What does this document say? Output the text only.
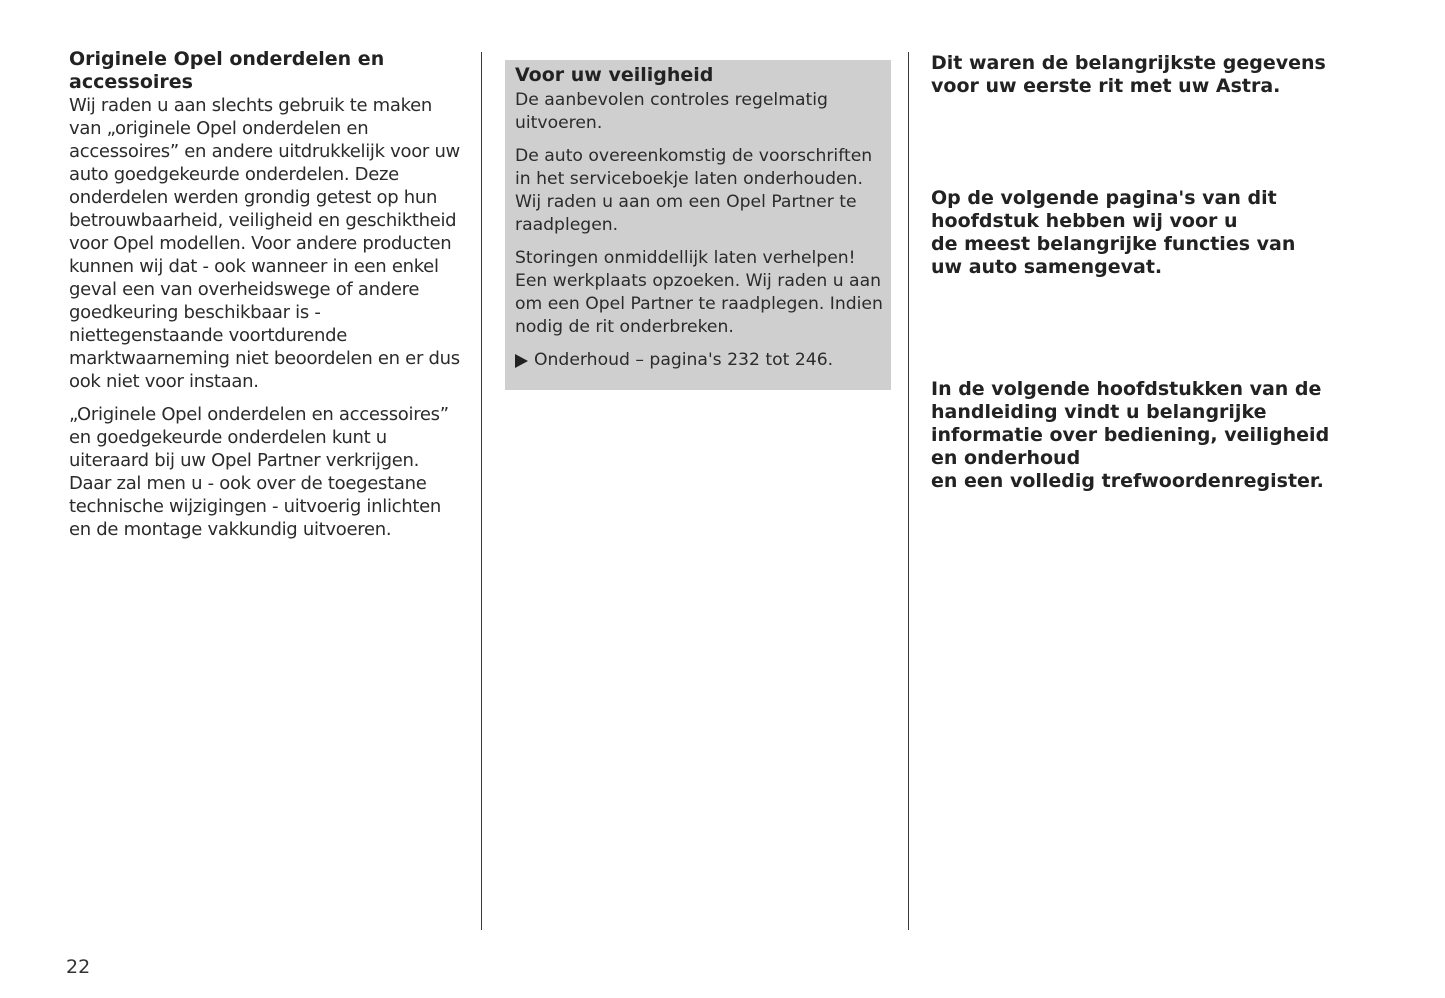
Originele Opel onderdelen en accessoires

Wij raden u aan slechts gebruik te maken van „originele Opel onderdelen en accessoires” en andere uitdrukkelijk voor uw auto goedgekeurde onderdelen. Deze onderdelen werden grondig getest op hun betrouwbaarheid, veiligheid en geschiktheid voor Opel modellen. Voor andere producten kunnen wij dat - ook wanneer in een enkel geval een van overheidswege of andere goedkeuring beschikbaar is - niettegenstaande voortdurende marktwaarneming niet beoordelen en er dus ook niet voor instaan.

„Originele Opel onderdelen en accessoires” en goedgekeurde onderdelen kunt u uiteraard bij uw Opel Partner verkrijgen. Daar zal men u - ook over de toegestane technische wijzigingen - uitvoerig inlichten en de montage vakkundig uitvoeren.

Voor uw veiligheid

De aanbevolen controles regelmatig uitvoeren.

De auto overeenkomstig de voorschriften in het serviceboekje laten onderhouden. Wij raden u aan om een Opel Partner te raadplegen.

Storingen onmiddellijk laten verhelpen! Een werkplaats opzoeken. Wij raden u aan om een Opel Partner te raadplegen. Indien nodig de rit onderbreken.

Onderhoud – pagina's 232 tot 246.

Dit waren de belangrijkste gegevens
voor uw eerste rit met uw Astra.

Op de volgende pagina's van dit
hoofdstuk hebben wij voor u
de meest belangrijke functies van
uw auto samengevat.

In de volgende hoofdstukken van de
handleiding vindt u belangrijke
informatie over bediening, veiligheid
en onderhoud
en een volledig trefwoordenregister.

22
